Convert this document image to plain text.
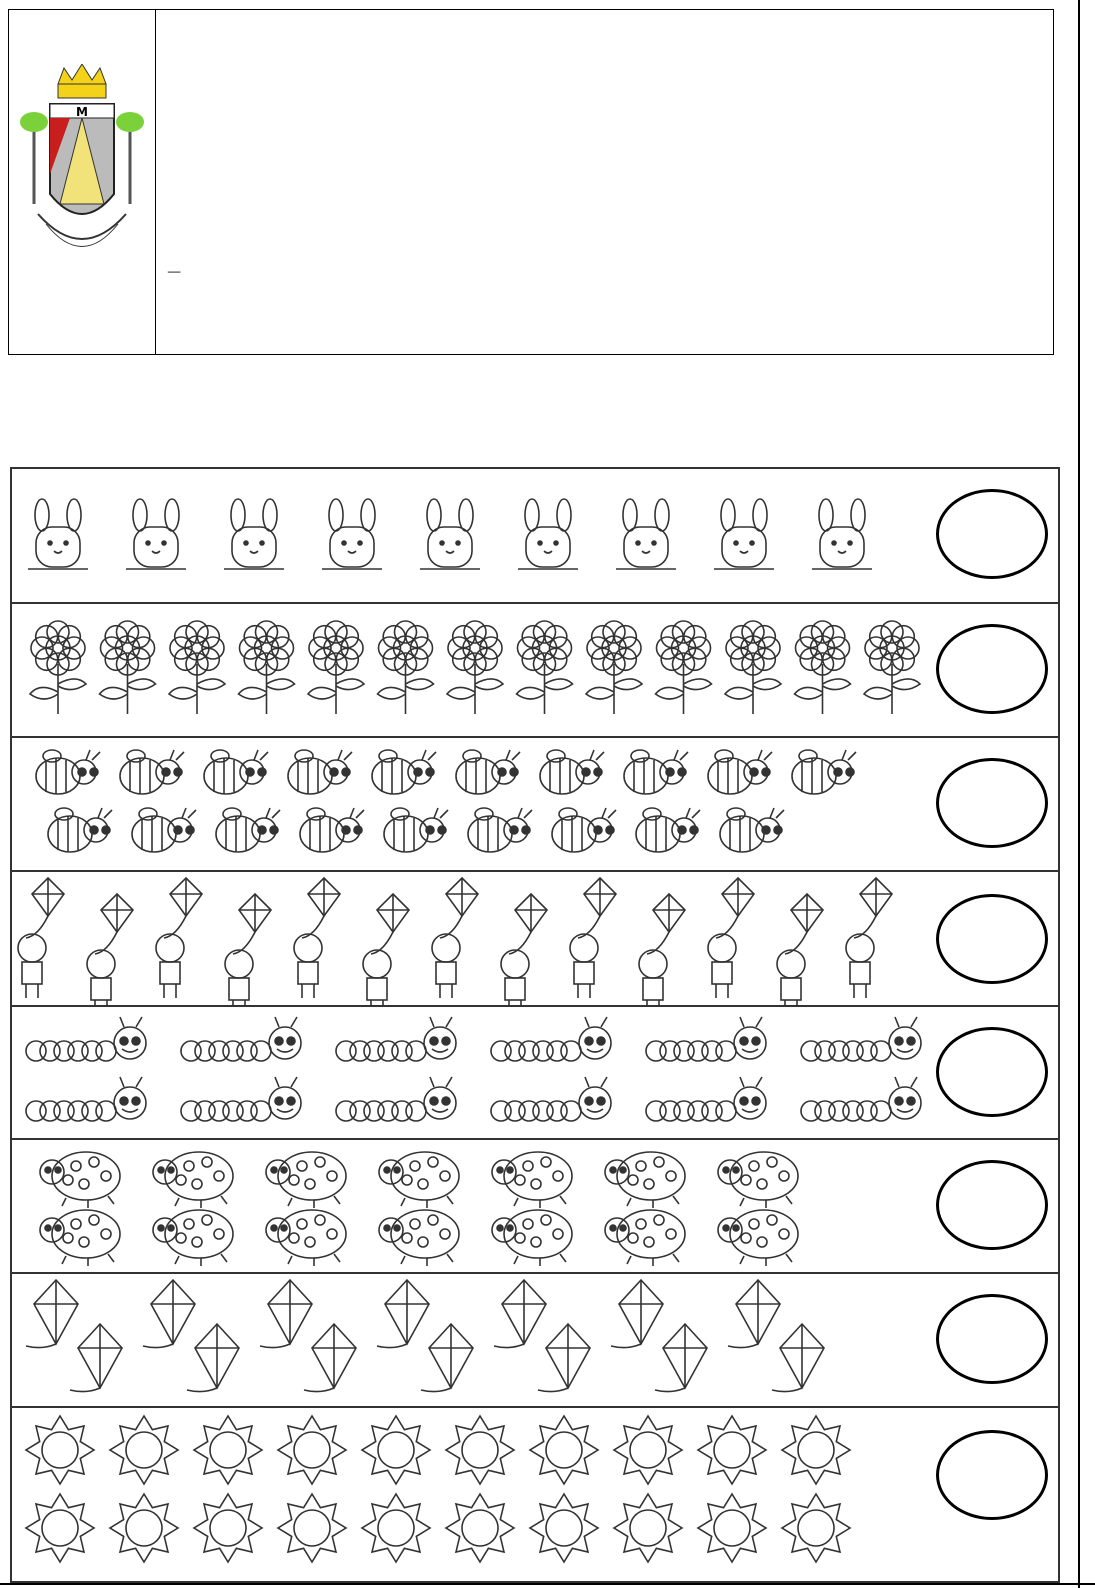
M
_
